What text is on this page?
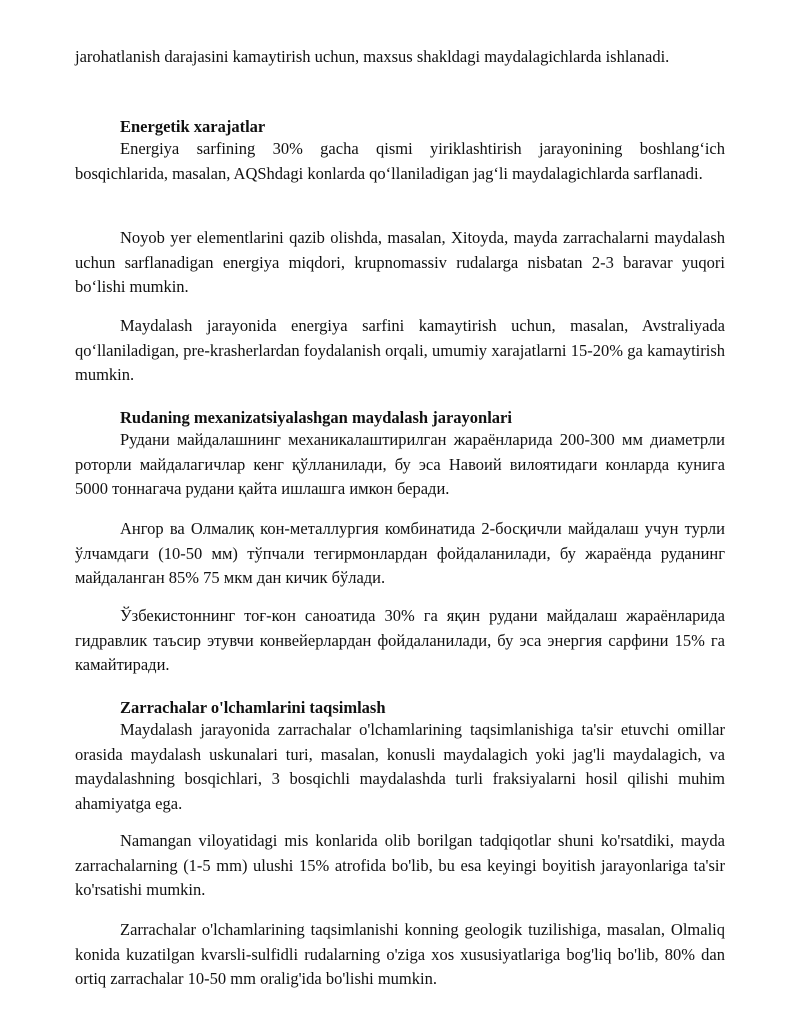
jarohatlanish darajasini kamaytirish uchun, maxsus shakldagi maydalagichlarda ishlanadi.

Energetik xarajatlar

Energiya sarfining 30% gacha qismi yiriklashtirish jarayonining boshlang‘ich bosqichlarida, masalan, AQShdagi konlarda qo‘llaniladigan jag‘li maydalagichlarda sarflanadi.

Noyob yer elementlarini qazib olishda, masalan, Xitoyda, mayda zarrachalarni maydalash uchun sarflanadigan energiya miqdori, krupnomassiv rudalarga nisbatan 2-3 baravar yuqori bo‘lishi mumkin.

Maydalash jarayonida energiya sarfini kamaytirish uchun, masalan, Avstraliyada qo‘llaniladigan, pre-krasherlardan foydalanish orqali, umumiy xarajatlarni 15-20% ga kamaytirish mumkin.

Rudaning mexanizatsiyalashgan maydalash jarayonlari

Рудани майдалашнинг механикалаштирилган жараёнларида 200-300 мм диаметрли роторли майдалагичлар кенг қўлланилади, бу эса Навоий вилоятидаги конларда кунига 5000 тоннагача рудани қайта ишлашга имкон беради.

Ангор ва Олмалиқ кон-металлургия комбинатида 2-босқичли майдалаш учун турли ўлчамдаги (10-50 мм) тўпчали тегирмонлардан фойдаланилади, бу жараёнда руданинг майдаланган 85% 75 мкм дан кичик бўлади.

Ўзбекистоннинг тоғ-кон саноатида 30% га яқин рудани майдалаш жараёнларида гидравлик таъсир этувчи конвейерлардан фойдаланилади, бу эса энергия сарфини 15% га камайтиради.

Zarrachalar o'lchamlarini taqsimlash

Maydalash jarayonida zarrachalar o'lchamlarining taqsimlanishiga ta'sir etuvchi omillar orasida maydalash uskunalari turi, masalan, konusli maydalagich yoki jag'li maydalagich, va maydalashning bosqichlari, 3 bosqichli maydalashda turli fraksiyalarni hosil qilishi muhim ahamiyatga ega.

Namangan viloyatidagi mis konlarida olib borilgan tadqiqotlar shuni ko'rsatdiki, mayda zarrachalarning (1-5 mm) ulushi 15% atrofida bo'lib, bu esa keyingi boyitish jarayonlariga ta'sir ko'rsatishi mumkin.

Zarrachalar o'lchamlarining taqsimlanishi konning geologik tuzilishiga, masalan, Olmaliq konida kuzatilgan kvarsli-sulfidli rudalarning o'ziga xos xususiyatlariga bog'liq bo'lib, 80% dan ortiq zarrachalar 10-50 mm oralig'ida bo'lishi mumkin.
